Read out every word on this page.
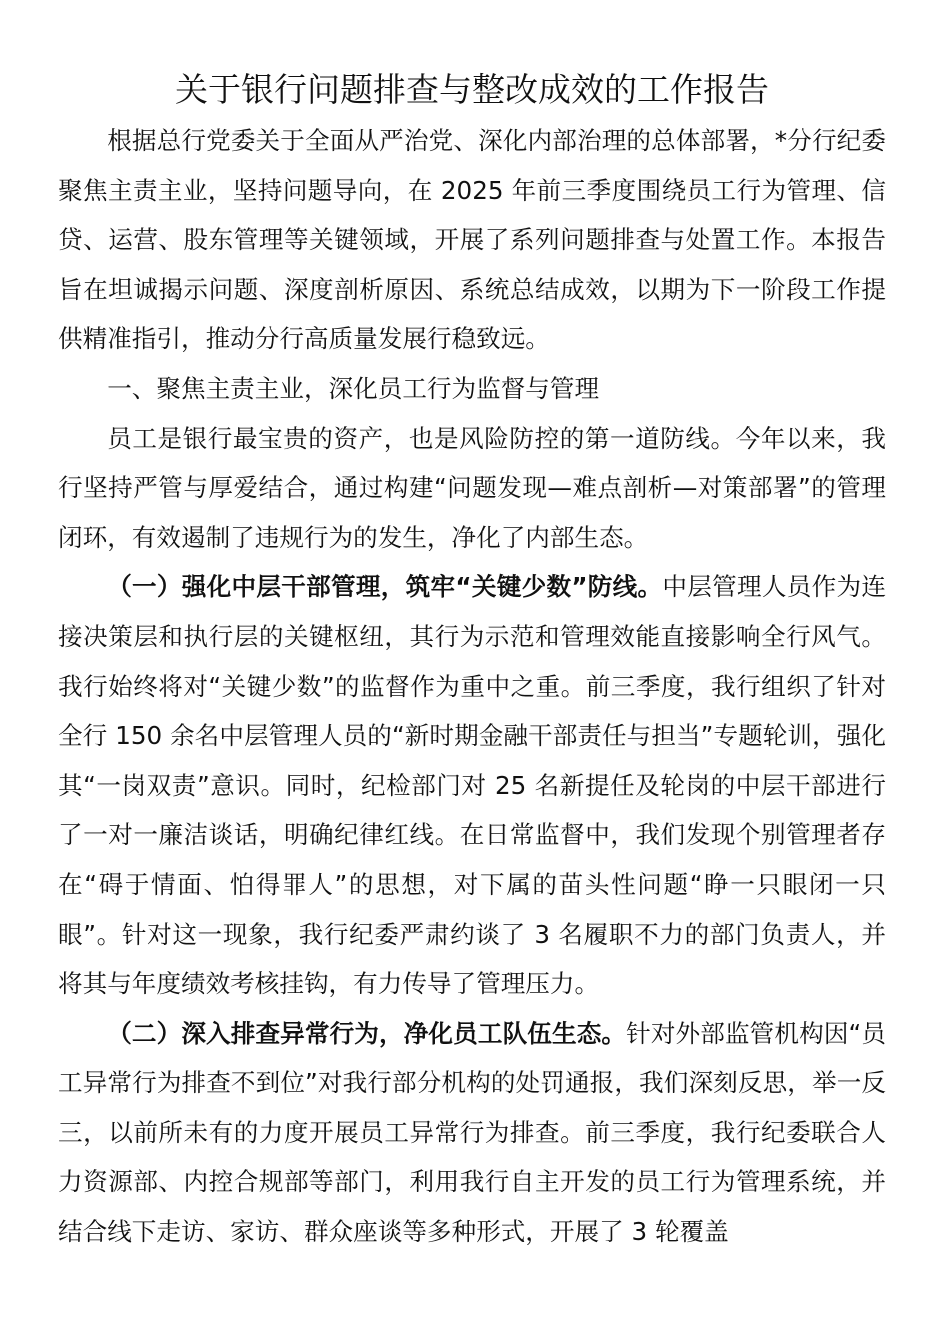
关于银行问题排查与整改成效的工作报告

根据总行党委关于全面从严治党、深化内部治理的总体部署，*分行纪委聚焦主责主业，坚持问题导向，在 2025 年前三季度围绕员工行为管理、信贷、运营、股东管理等关键领域，开展了系列问题排查与处置工作。本报告旨在坦诚揭示问题、深度剖析原因、系统总结成效，以期为下一阶段工作提供精准指引，推动分行高质量发展行稳致远。

一、聚焦主责主业，深化员工行为监督与管理

员工是银行最宝贵的资产，也是风险防控的第一道防线。今年以来，我行坚持严管与厚爱结合，通过构建“问题发现—难点剖析—对策部署”的管理闭环，有效遏制了违规行为的发生，净化了内部生态。

（一）强化中层干部管理，筑牢“关键少数”防线。中层管理人员作为连接决策层和执行层的关键枢纽，其行为示范和管理效能直接影响全行风气。我行始终将对“关键少数”的监督作为重中之重。前三季度，我行组织了针对全行 150 余名中层管理人员的“新时期金融干部责任与担当”专题轮训，强化其“一岗双责”意识。同时，纪检部门对 25 名新提任及轮岗的中层干部进行了一对一廉洁谈话，明确纪律红线。在日常监督中，我们发现个别管理者存在“碍于情面、怕得罪人”的思想，对下属的苗头性问题“睁一只眼闭一只眼”。针对这一现象，我行纪委严肃约谈了 3 名履职不力的部门负责人，并将其与年度绩效考核挂钩，有力传导了管理压力。

（二）深入排查异常行为，净化员工队伍生态。针对外部监管机构因“员工异常行为排查不到位”对我行部分机构的处罚通报，我们深刻反思，举一反三，以前所未有的力度开展员工异常行为排查。前三季度，我行纪委联合人力资源部、内控合规部等部门，利用我行自主开发的员工行为管理系统，并结合线下走访、家访、群众座谈等多种形式，开展了 3 轮覆盖
